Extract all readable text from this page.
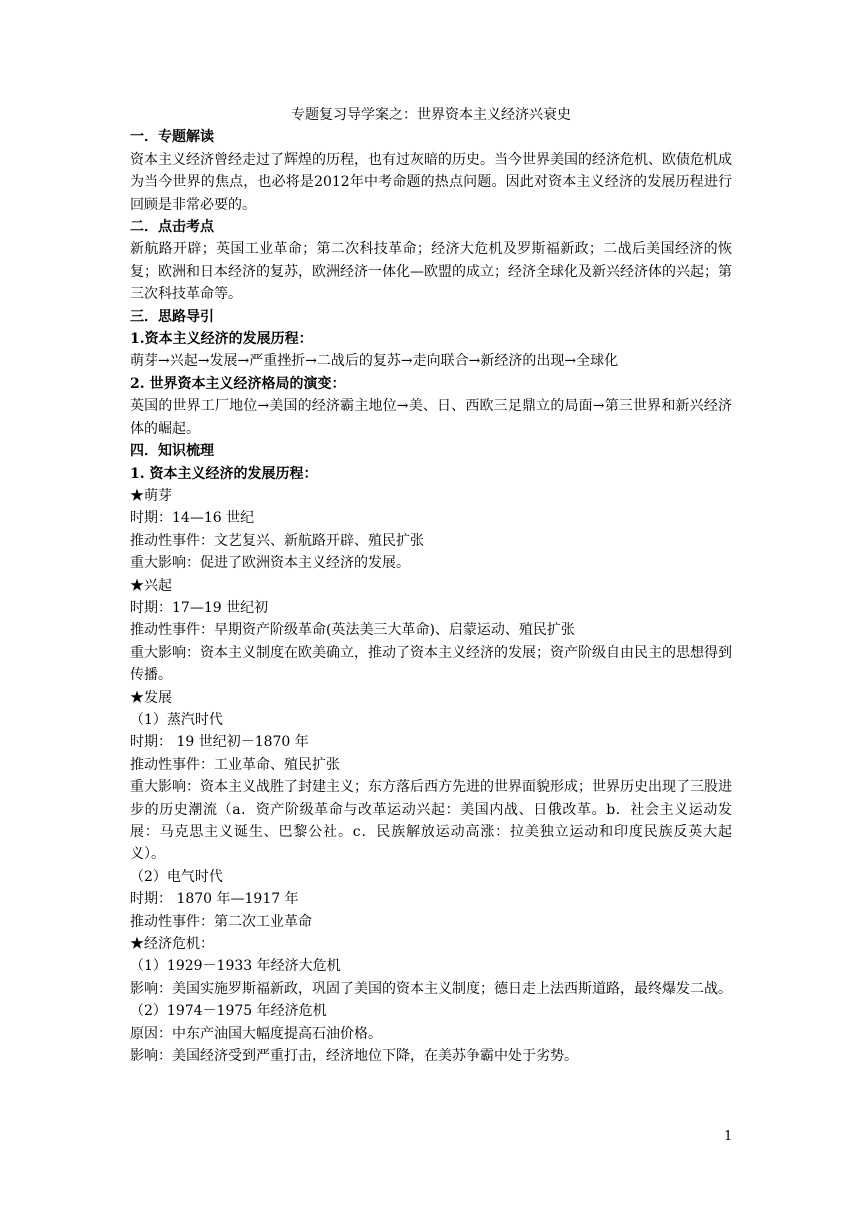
专题复习导学案之：世界资本主义经济兴衰史

一．专题解读

资本主义经济曾经走过了辉煌的历程，也有过灰暗的历史。当今世界美国的经济危机、欧债危机成为当今世界的焦点，也必将是2012年中考命题的热点问题。因此对资本主义经济的发展历程进行回顾是非常必要的。

二．点击考点

新航路开辟；英国工业革命；第二次科技革命；经济大危机及罗斯福新政；二战后美国经济的恢复；欧洲和日本经济的复苏，欧洲经济一体化—欧盟的成立；经济全球化及新兴经济体的兴起；第三次科技革命等。

三．思路导引

1.资本主义经济的发展历程：

萌芽→兴起→发展→严重挫折→二战后的复苏→走向联合→新经济的出现→全球化

2. 世界资本主义经济格局的演变：

英国的世界工厂地位→美国的经济霸主地位→美、日、西欧三足鼎立的局面→第三世界和新兴经济体的崛起。

四．知识梳理

1. 资本主义经济的发展历程：

★萌芽

时期：14—16 世纪

推动性事件：文艺复兴、新航路开辟、殖民扩张

重大影响：促进了欧洲资本主义经济的发展。

★兴起

时期：17—19 世纪初

推动性事件：早期资产阶级革命(英法美三大革命)、启蒙运动、殖民扩张

重大影响：资本主义制度在欧美确立，推动了资本主义经济的发展；资产阶级自由民主的思想得到传播。

★发展

（1）蒸汽时代

时期： 19 世纪初－1870 年

推动性事件：工业革命、殖民扩张

重大影响：资本主义战胜了封建主义；东方落后西方先进的世界面貌形成；世界历史出现了三股进步的历史潮流（a．资产阶级革命与改革运动兴起：美国内战、日俄改革。b．社会主义运动发展：马克思主义诞生、巴黎公社。c．民族解放运动高涨：拉美独立运动和印度民族反英大起义）。

（2）电气时代

时期： 1870 年—1917 年

推动性事件：第二次工业革命

★经济危机：

（1）1929－1933 年经济大危机

影响：美国实施罗斯福新政，巩固了美国的资本主义制度；德日走上法西斯道路，最终爆发二战。

（2）1974－1975 年经济危机

原因：中东产油国大幅度提高石油价格。

影响：美国经济受到严重打击，经济地位下降，在美苏争霸中处于劣势。

1
